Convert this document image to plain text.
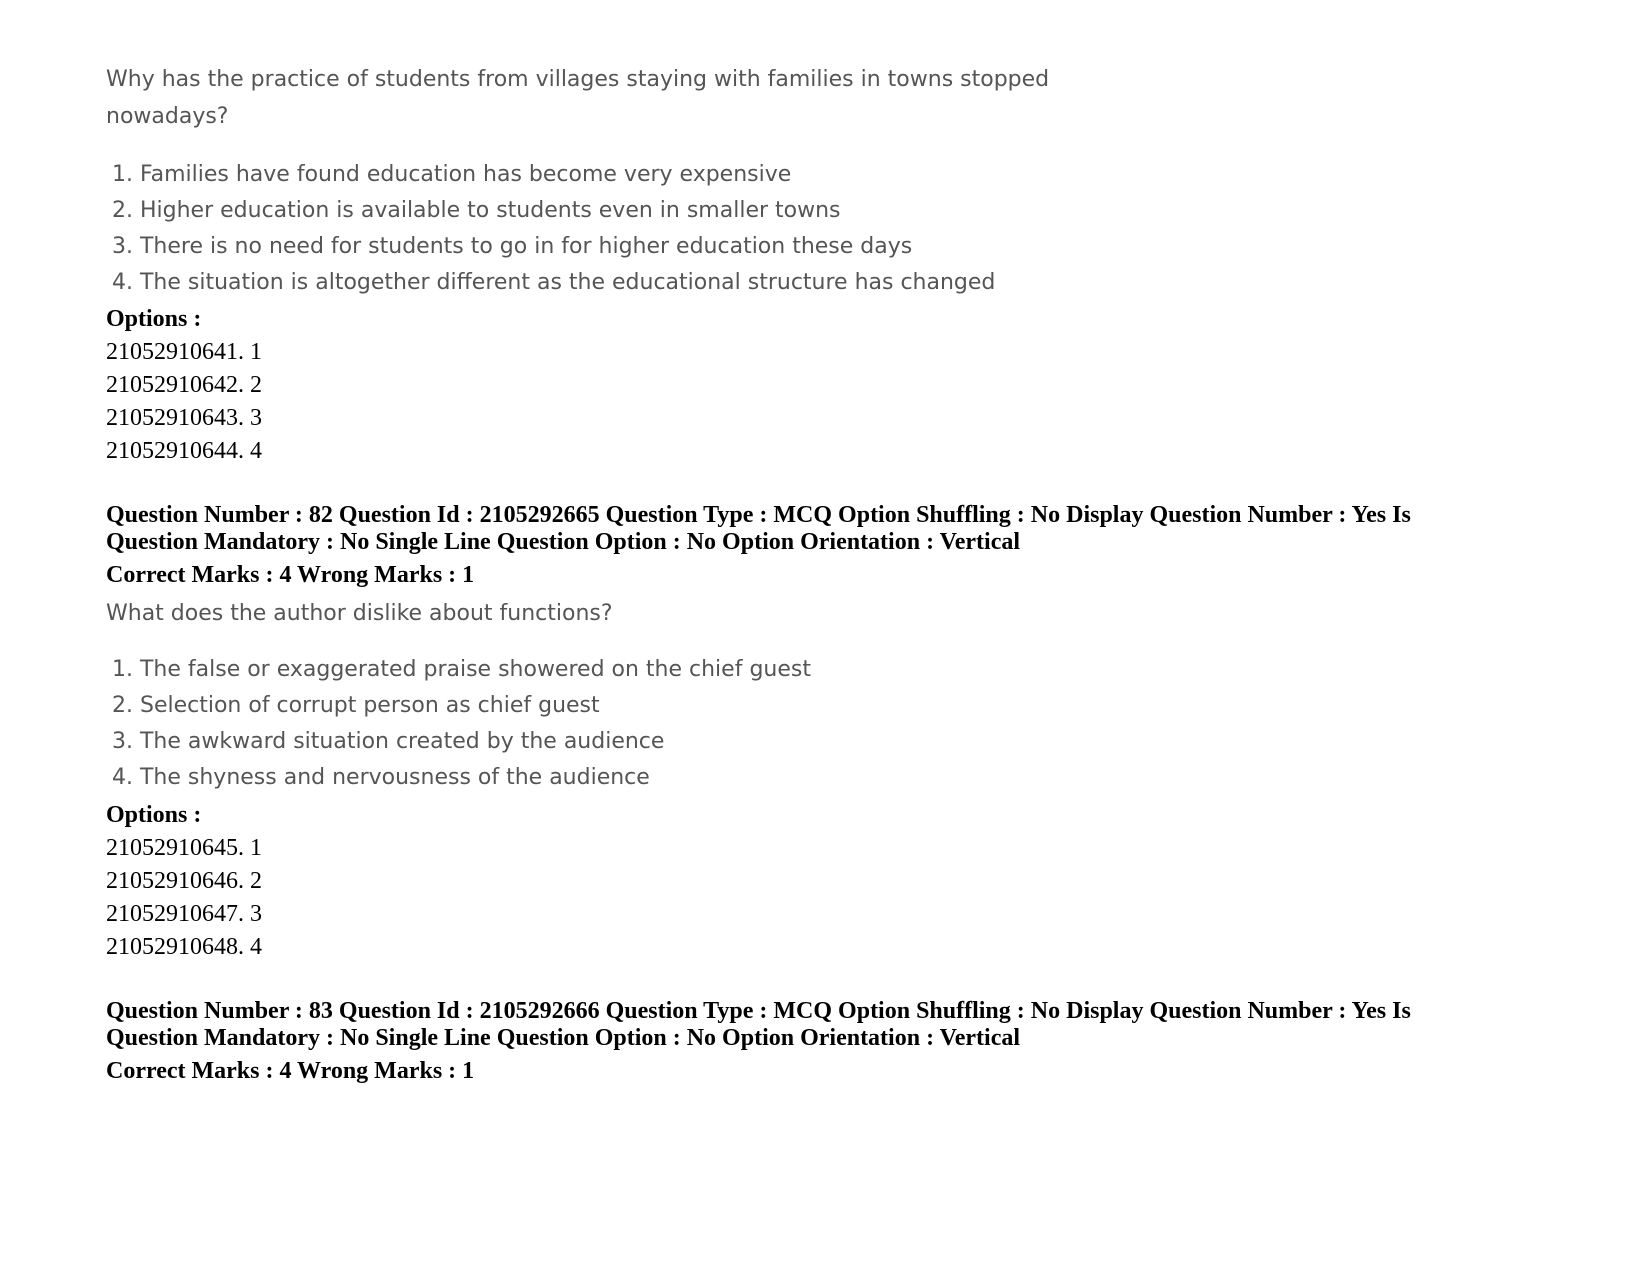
Why has the practice of students from villages staying with families in towns stopped
nowadays?
1. Families have found education has become very expensive
2. Higher education is available to students even in smaller towns
3. There is no need for students to go in for higher education these days
4. The situation is altogether different as the educational structure has changed
Options :
21052910641. 1
21052910642. 2
21052910643. 3
21052910644. 4
Question Number : 82 Question Id : 2105292665 Question Type : MCQ Option Shuffling : No Display Question Number : Yes Is
Question Mandatory : No Single Line Question Option : No Option Orientation : Vertical
Correct Marks : 4 Wrong Marks : 1
What does the author dislike about functions?
1. The false or exaggerated praise showered on the chief guest
2. Selection of corrupt person as chief guest
3. The awkward situation created by the audience
4. The shyness and nervousness of the audience
Options :
21052910645. 1
21052910646. 2
21052910647. 3
21052910648. 4
Question Number : 83 Question Id : 2105292666 Question Type : MCQ Option Shuffling : No Display Question Number : Yes Is
Question Mandatory : No Single Line Question Option : No Option Orientation : Vertical
Correct Marks : 4 Wrong Marks : 1
